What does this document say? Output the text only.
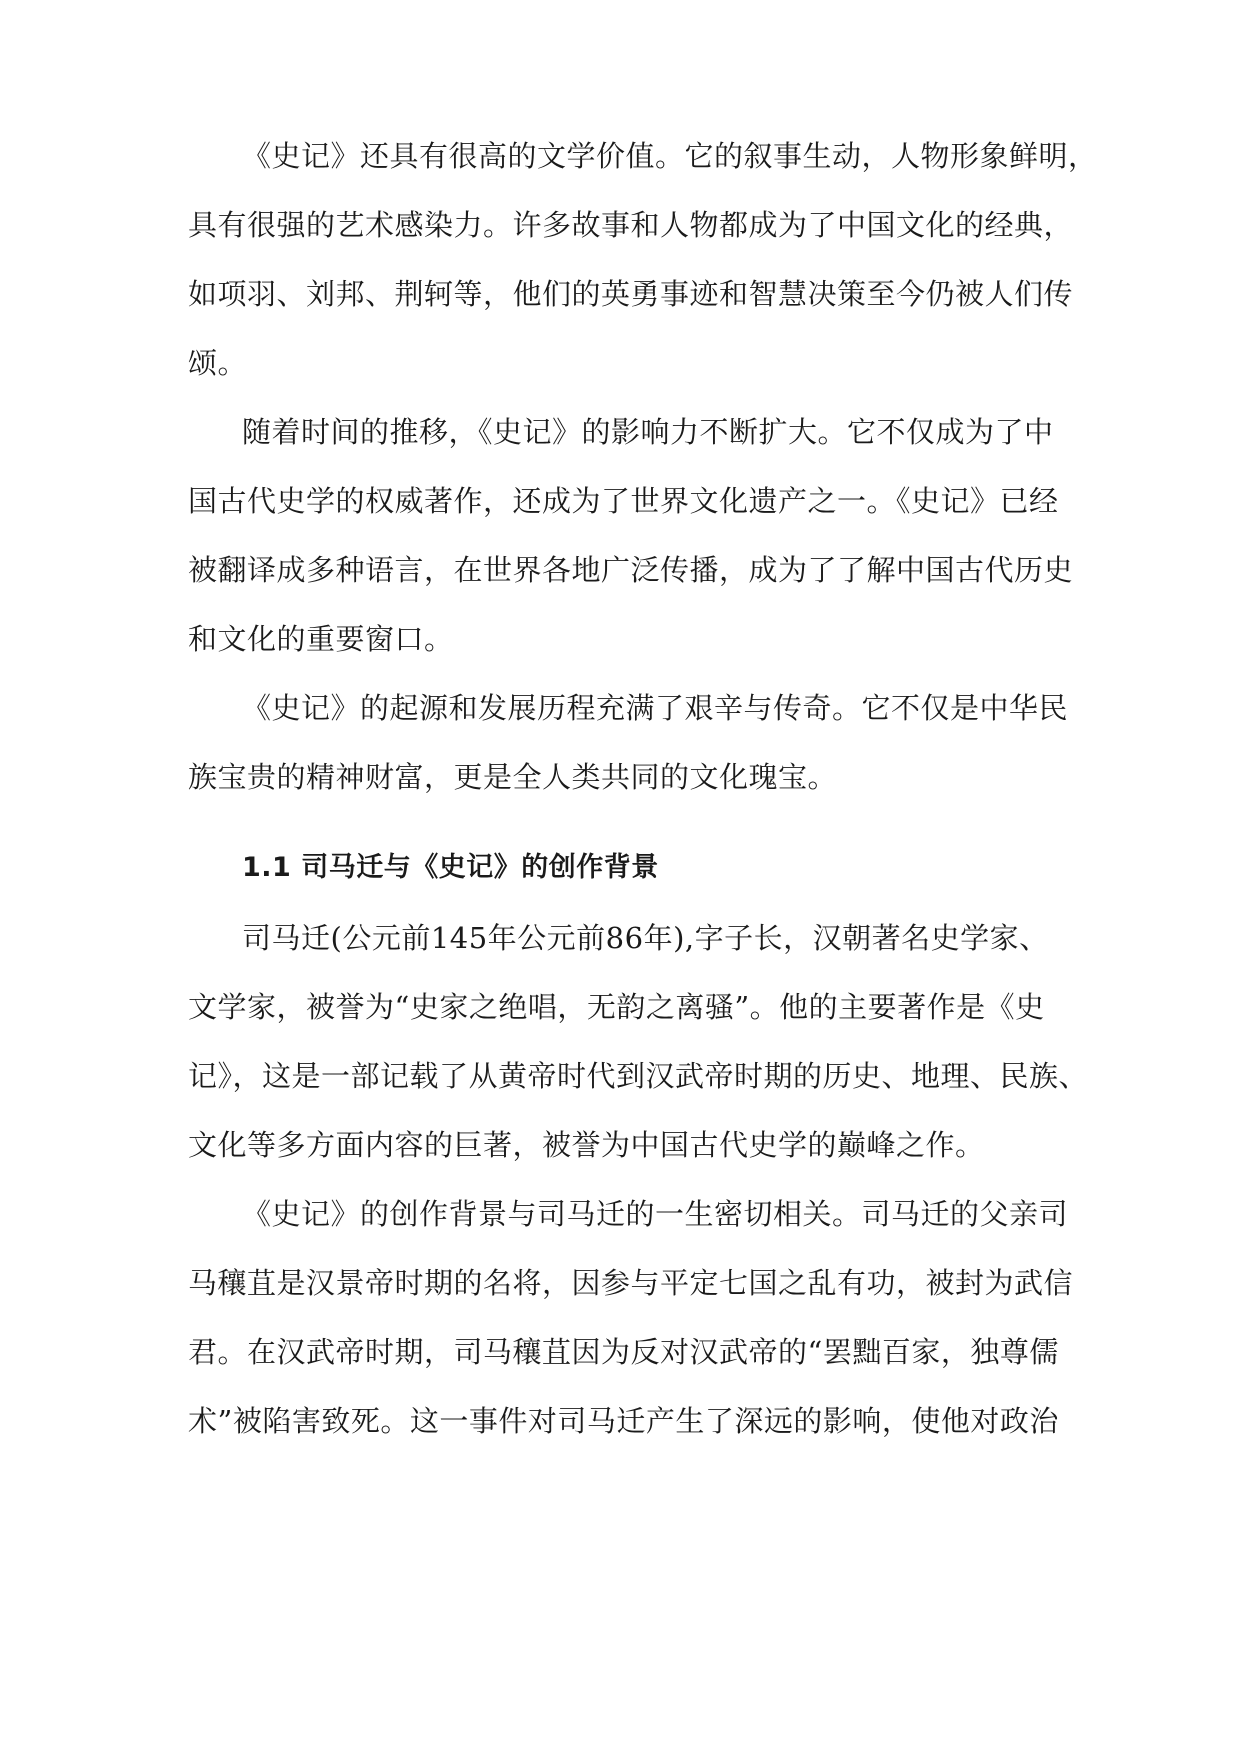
《史记》还具有很高的文学价值。它的叙事生动，人物形象鲜明，
具有很强的艺术感染力。许多故事和人物都成为了中国文化的经典，
如项羽、刘邦、荆轲等，他们的英勇事迹和智慧决策至今仍被人们传
颂。
随着时间的推移，《史记》的影响力不断扩大。它不仅成为了中
国古代史学的权威著作，还成为了世界文化遗产之一。《史记》已经
被翻译成多种语言，在世界各地广泛传播，成为了了解中国古代历史
和文化的重要窗口。
《史记》的起源和发展历程充满了艰辛与传奇。它不仅是中华民
族宝贵的精神财富，更是全人类共同的文化瑰宝。
1.1 司马迁与《史记》的创作背景
司马迁(公元前145年公元前86年),字子长，汉朝著名史学家、
文学家，被誉为“史家之绝唱，无韵之离骚”。他的主要著作是《史
记》，这是一部记载了从黄帝时代到汉武帝时期的历史、地理、民族、
文化等多方面内容的巨著，被誉为中国古代史学的巅峰之作。
《史记》的创作背景与司马迁的一生密切相关。司马迁的父亲司
马穰苴是汉景帝时期的名将，因参与平定七国之乱有功，被封为武信
君。在汉武帝时期，司马穰苴因为反对汉武帝的“罢黜百家，独尊儒
术”被陷害致死。这一事件对司马迁产生了深远的影响，使他对政治
